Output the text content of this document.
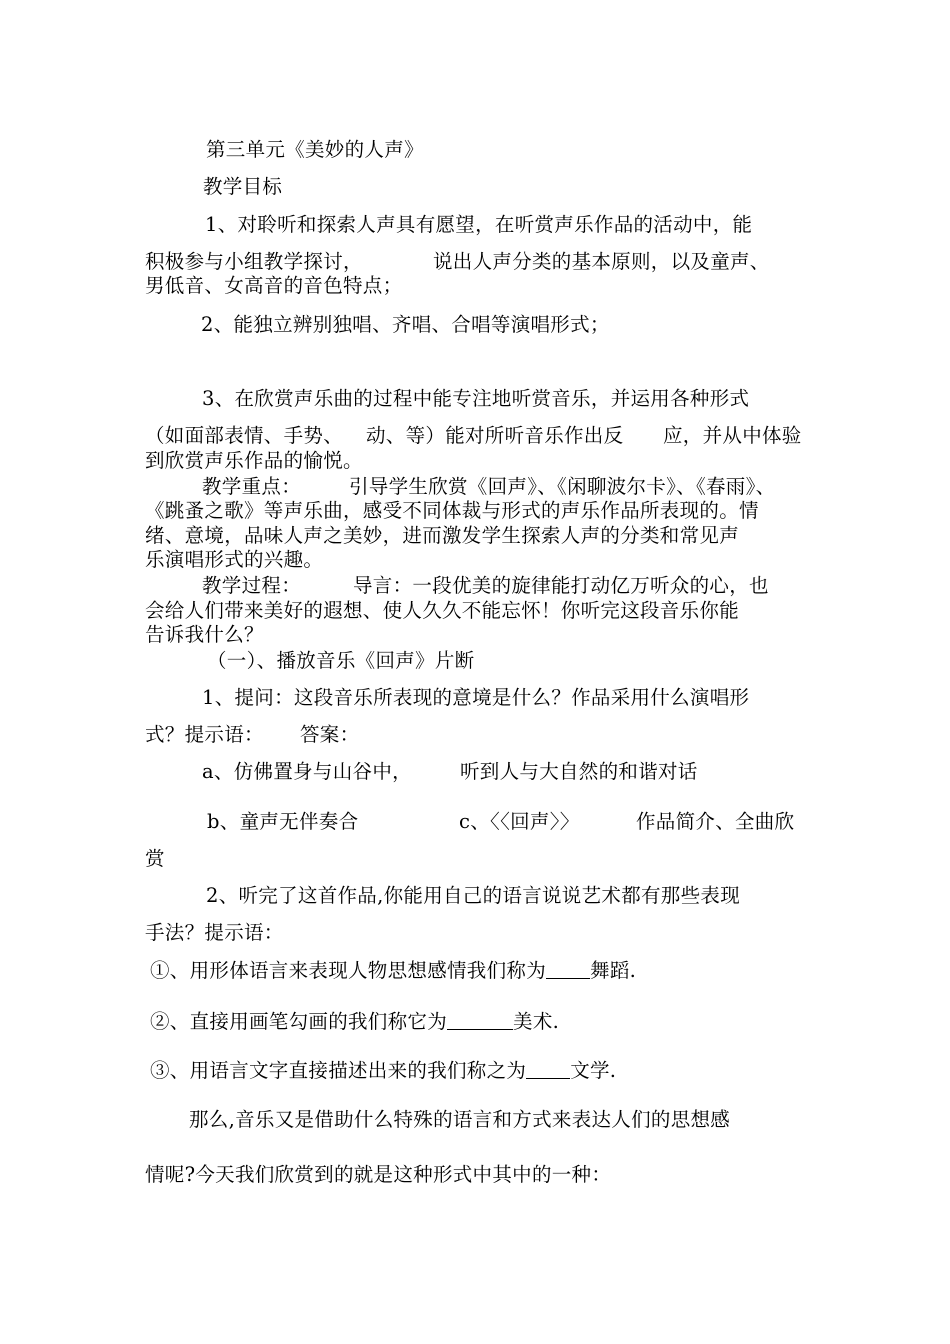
第三单元《美妙的人声》
教学目标
1、对聆听和探索人声具有愿望，在听赏声乐作品的活动中，能
积极参与小组教学探讨，	说出人声分类的基本原则，以及童声、
男低音、女高音的音色特点；
2、能独立辨别独唱、齐唱、合唱等演唱形式；
3、在欣赏声乐曲的过程中能专注地听赏音乐，并运用各种形式
（如面部表情、手势、 动、等）能对所听音乐作出反 应，并从中体验
到欣赏声乐作品的愉悦。
教学重点： 引导学生欣赏《回声》、《闲聊波尔卡》、《春雨》、
《跳蚤之歌》等声乐曲，感受不同体裁与形式的声乐作品所表现的。情
绪、意境，品味人声之美妙，进而激发学生探索人声的分类和常见声
乐演唱形式的兴趣。
教学过程：	导言：一段优美的旋律能打动亿万听众的心，也
会给人们带来美好的遐想、使人久久不能忘怀！你听完这段音乐你能
告诉我什么？
（一）、播放音乐《回声》片断
1、提问：这段音乐所表现的意境是什么？作品采用什么演唱形
式？提示语： 答案：
a、仿佛置身与山谷中， 听到人与大自然的和谐对话
b、童声无伴奏合	c、〈〈回声〉〉	作品简介、全曲欣
赏
2、听完了这首作品,你能用自己的语言说说艺术都有那些表现
手法？提示语：
①、用形体语言来表现人物思想感情我们称为 舞蹈.
②、直接用画笔勾画的我们称它为	美术.
③、用语言文字直接描述出来的我们称之为 文学.
那么,音乐又是借助什么特殊的语言和方式来表达人们的思想感
情呢?今天我们欣赏到的就是这种形式中其中的一种：
